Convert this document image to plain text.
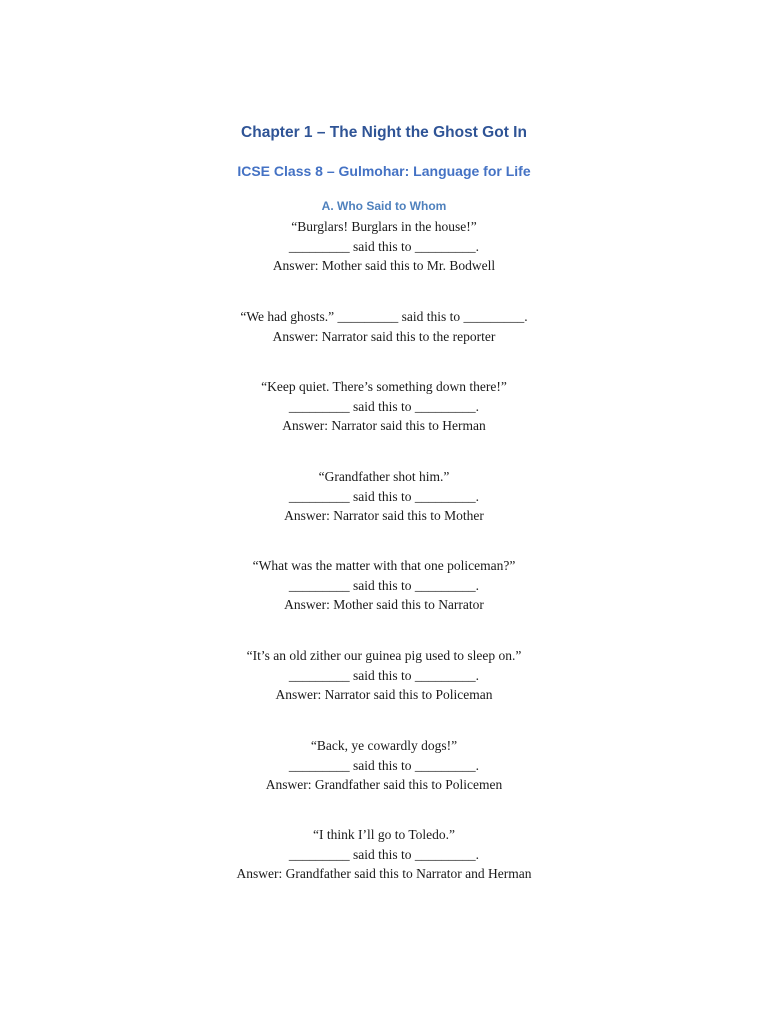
Chapter 1 – The Night the Ghost Got In
ICSE Class 8 – Gulmohar: Language for Life
A. Who Said to Whom
“Burglars! Burglars in the house!”
_________ said this to _________.
Answer: Mother said this to Mr. Bodwell
“We had ghosts.” _________ said this to _________.
Answer: Narrator said this to the reporter
“Keep quiet. There’s something down there!”
_________ said this to _________.
Answer: Narrator said this to Herman
“Grandfather shot him.”
_________ said this to _________.
Answer: Narrator said this to Mother
“What was the matter with that one policeman?”
_________ said this to _________.
Answer: Mother said this to Narrator
“It’s an old zither our guinea pig used to sleep on.”
_________ said this to _________.
Answer: Narrator said this to Policeman
“Back, ye cowardly dogs!”
_________ said this to _________.
Answer: Grandfather said this to Policemen
“I think I’ll go to Toledo.”
_________ said this to _________.
Answer: Grandfather said this to Narrator and Herman
